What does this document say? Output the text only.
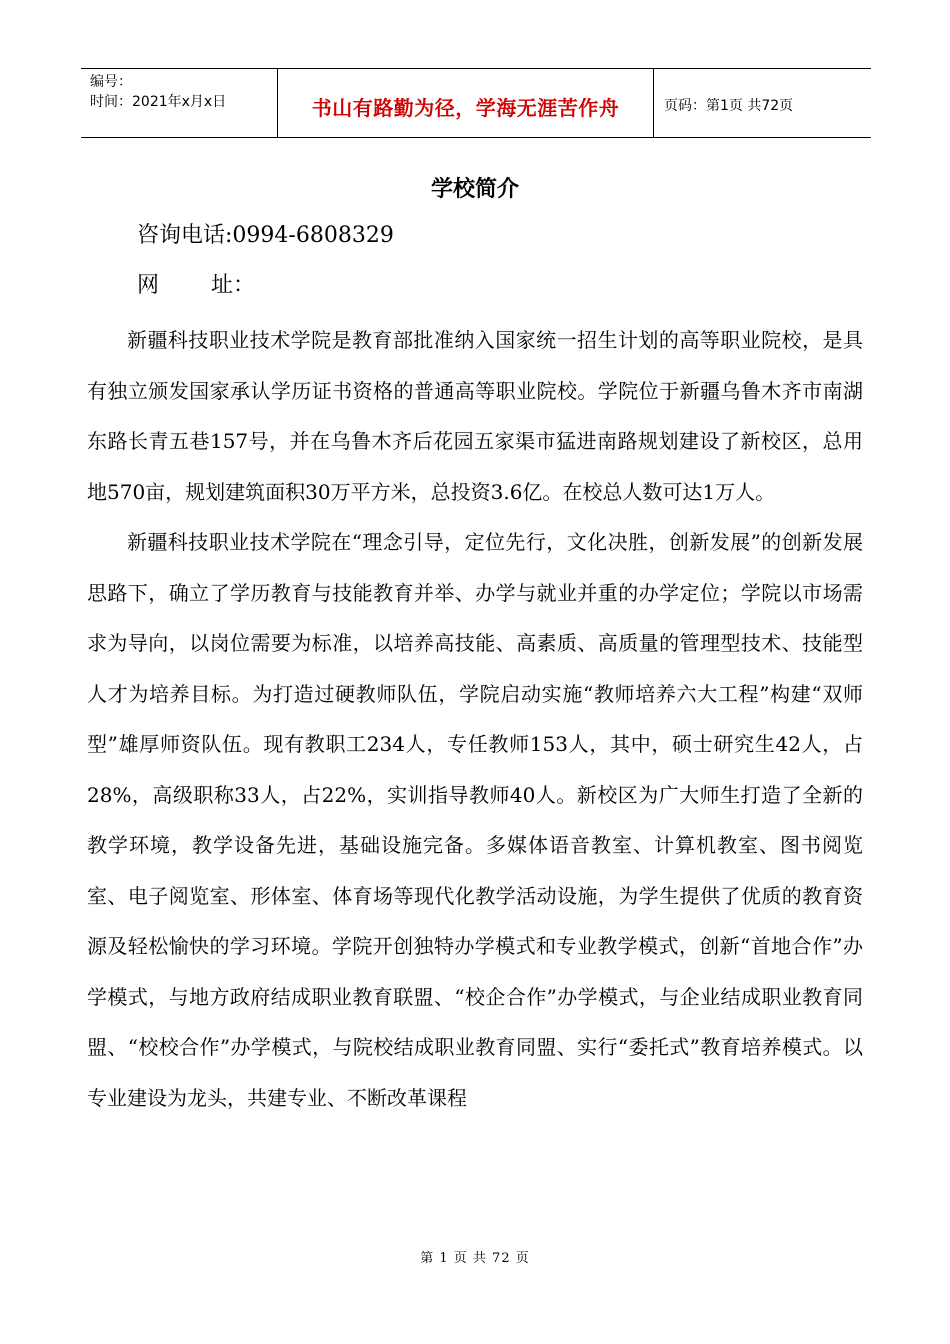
编号：
时间：2021年x月x日	书山有路勤为径，学海无涯苦作舟	页码：第1页 共72页
学校简介
咨询电话:0994-6808329
网 址：

新疆科技职业技术学院是教育部批准纳入国家统一招生计划的高等职业院校，是具有独立颁发国家承认学历证书资格的普通高等职业院校。学院位于新疆乌鲁木齐市南湖东路长青五巷157号，并在乌鲁木齐后花园五家渠市猛进南路规划建设了新校区，总用地570亩，规划建筑面积30万平方米，总投资3.6亿。在校总人数可达1万人。

新疆科技职业技术学院在“理念引导，定位先行，文化决胜，创新发展”的创新发展思路下，确立了学历教育与技能教育并举、办学与就业并重的办学定位；学院以市场需求为导向，以岗位需要为标准，以培养高技能、高素质、高质量的管理型技术、技能型人才为培养目标。为打造过硬教师队伍，学院启动实施“教师培养六大工程”构建“双师型”雄厚师资队伍。现有教职工234人，专任教师153人，其中，硕士研究生42人，占28%，高级职称33人，占22%，实训指导教师40人。新校区为广大师生打造了全新的教学环境，教学设备先进，基础设施完备。多媒体语音教室、计算机教室、图书阅览室、电子阅览室、形体室、体育场等现代化教学活动设施，为学生提供了优质的教育资源及轻松愉快的学习环境。学院开创独特办学模式和专业教学模式，创新“首地合作”办学模式，与地方政府结成职业教育联盟、“校企合作”办学模式，与企业结成职业教育同盟、“校校合作”办学模式，与院校结成职业教育同盟、实行“委托式”教育培养模式。以专业建设为龙头，共建专业、不断改革课程

第 1 页 共 72 页
